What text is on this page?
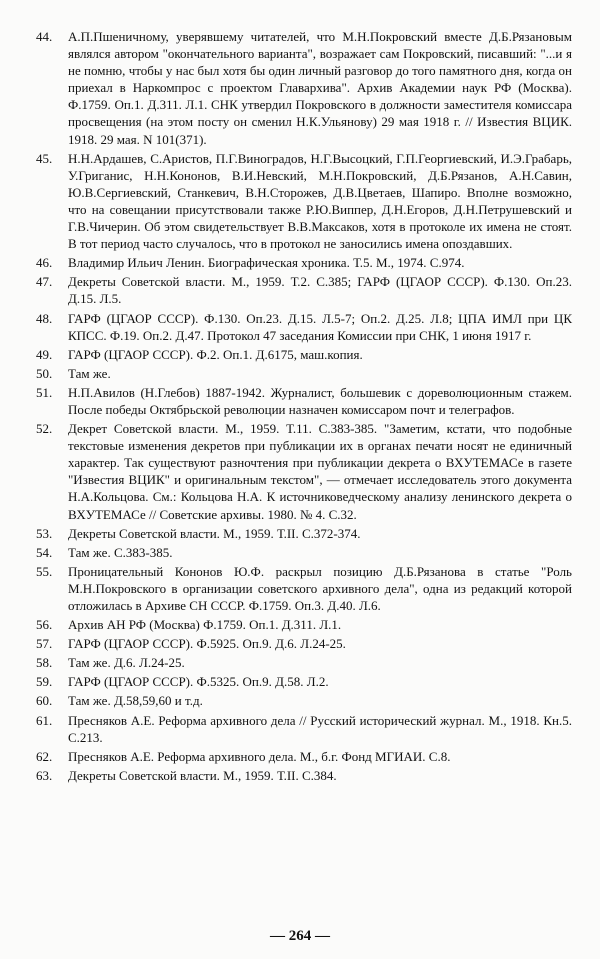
44.	А.П.Пшеничному, уверявшему читателей, что М.Н.Покровский вместе Д.Б.Рязановым являлся автором "окончательного варианта", возражает сам Покровский, писавший: "...и я не помню, чтобы у нас был хотя бы один личный разговор до того памятного дня, когда он приехал в Наркомпрос с проектом Главархива". Архив Академии наук РФ (Москва). Ф.1759. Оп.1. Д.311. Л.1. СНК утвердил Покровского в должности заместителя комиссара просвещения (на этом посту он сменил Н.К.Ульянову) 29 мая 1918 г. // Известия ВЦИК. 1918. 29 мая. N 101(371).
45.	Н.Н.Ардашев, С.Аристов, П.Г.Виноградов, Н.Г.Высоцкий, Г.П.Георгиевский, И.Э.Грабарь, У.Григанис, Н.Н.Кононов, В.И.Невский, М.Н.Покровский, Д.Б.Рязанов, А.Н.Савин, Ю.В.Сергиевский, Станкевич, В.Н.Сторожев, Д.В.Цветаев, Шапиро. Вполне возможно, что на совещании присутствовали также Р.Ю.Виппер, Д.Н.Егоров, Д.Н.Петрушевский и Г.В.Чичерин. Об этом свидетельствует В.В.Максаков, хотя в протоколе их имена не стоят. В тот период часто случалось, что в протокол не заносились имена опоздавших.
46.	Владимир Ильич Ленин. Биографическая хроника. Т.5. М., 1974. С.974.
47.	Декреты Советской власти. М., 1959. Т.2. С.385; ГАРФ (ЦГАОР СССР). Ф.130. Оп.23. Д.15. Л.5.
48.	ГАРФ (ЦГАОР СССР). Ф.130. Оп.23. Д.15. Л.5-7; Оп.2. Д.25. Л.8; ЦПА ИМЛ при ЦК КПСС. Ф.19. Оп.2. Д.47. Протокол 47 заседания Комиссии при СНК, 1 июня 1917 г.
49.	ГАРФ (ЦГАОР СССР). Ф.2. Оп.1. Д.6175, маш.копия.
50.	Там же.
51.	Н.П.Авилов (Н.Глебов) 1887-1942. Журналист, большевик с дореволюционным стажем. После победы Октябрьской революции назначен комиссаром почт и телеграфов.
52.	Декрет Советской власти. М., 1959. Т.11. С.383-385. "Заметим, кстати, что подобные текстовые изменения декретов при публикации их в органах печати носят не единичный характер. Так существуют разночтения при публикации декрета о ВХУТЕМАСе в газете "Известия ВЦИК" и оригинальным текстом", — отмечает исследователь этого документа Н.А.Кольцова. См.: Кольцова Н.А. К источниковедческому анализу ленинского декрета о ВХУТЕМАСе // Советские архивы. 1980. № 4. С.32.
53.	Декреты Советской власти. М., 1959. Т.II. С.372-374.
54.	Там же. С.383-385.
55.	Проницательный Кононов Ю.Ф. раскрыл позицию Д.Б.Рязанова в статье "Роль М.Н.Покровского в организации советского архивного дела", одна из редакций которой отложилась в Архиве СН СССР. Ф.1759. Оп.3. Д.40. Л.6.
56.	Архив АН РФ (Москва) Ф.1759. Оп.1. Д.311. Л.1.
57.	ГАРФ (ЦГАОР СССР). Ф.5925. Оп.9. Д.6. Л.24-25.
58.	Там же. Д.6. Л.24-25.
59.	ГАРФ (ЦГАОР СССР). Ф.5325. Оп.9. Д.58. Л.2.
60.	Там же. Д.58,59,60 и т.д.
61.	Пресняков А.Е. Реформа архивного дела // Русский исторический журнал. М., 1918. Кн.5. С.213.
62.	Пресняков А.Е. Реформа архивного дела. М., б.г. Фонд МГИАИ. С.8.
63.	Декреты Советской власти. М., 1959. Т.II. С.384.
— 264 —
